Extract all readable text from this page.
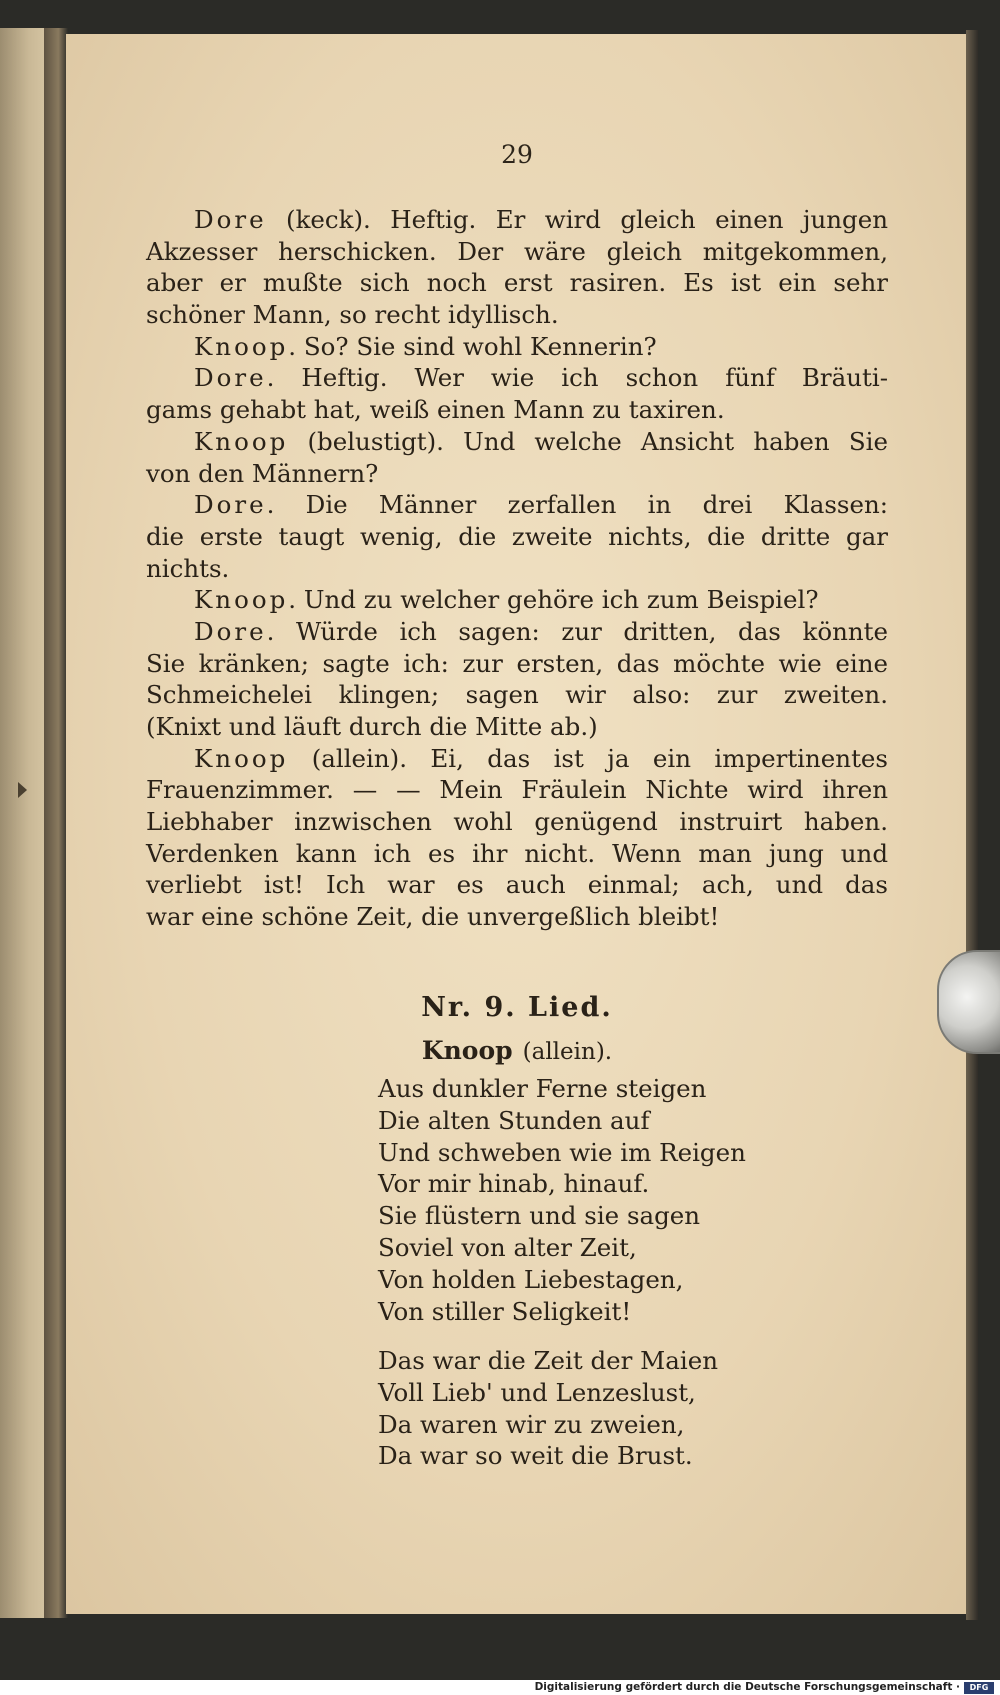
29
Dore (keck). Heftig. Er wird gleich einen jungen
Akzesser herschicken. Der wäre gleich mitgekommen,
aber er mußte sich noch erst rasiren. Es ist ein sehr
schöner Mann, so recht idyllisch.
Knoop. So? Sie sind wohl Kennerin?
Dore. Heftig. Wer wie ich schon fünf Bräuti-
gams gehabt hat, weiß einen Mann zu taxiren.
Knoop (belustigt). Und welche Ansicht haben Sie
von den Männern?
Dore. Die Männer zerfallen in drei Klassen:
die erste taugt wenig, die zweite nichts, die dritte gar
nichts.
Knoop. Und zu welcher gehöre ich zum Beispiel?
Dore. Würde ich sagen: zur dritten, das könnte
Sie kränken; sagte ich: zur ersten, das möchte wie eine
Schmeichelei klingen; sagen wir also: zur zweiten.
(Knixt und läuft durch die Mitte ab.)
Knoop (allein). Ei, das ist ja ein impertinentes
Frauenzimmer. — — Mein Fräulein Nichte wird ihren
Liebhaber inzwischen wohl genügend instruirt haben.
Verdenken kann ich es ihr nicht. Wenn man jung und
verliebt ist! Ich war es auch einmal; ach, und das
war eine schöne Zeit, die unvergeßlich bleibt!
Nr. 9. Lied.
Knoop (allein).
Aus dunkler Ferne steigen
Die alten Stunden auf
Und schweben wie im Reigen
Vor mir hinab, hinauf.
Sie flüstern und sie sagen
Soviel von alter Zeit,
Von holden Liebestagen,
Von stiller Seligkeit!
Das war die Zeit der Maien
Voll Lieb' und Lenzeslust,
Da waren wir zu zweien,
Da war so weit die Brust.
Digitalisierung gefördert durch die Deutsche Forschungsgemeinschaft ·	DFG
